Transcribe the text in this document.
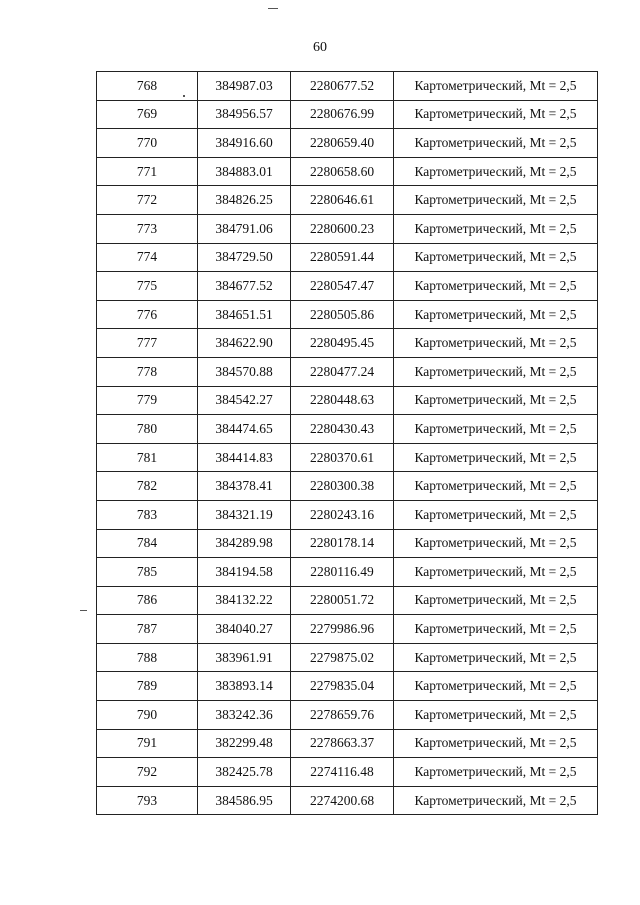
60
768	384987.03	2280677.52	Картометрический, Mt = 2,5
769	384956.57	2280676.99	Картометрический, Mt = 2,5
770	384916.60	2280659.40	Картометрический, Mt = 2,5
771	384883.01	2280658.60	Картометрический, Mt = 2,5
772	384826.25	2280646.61	Картометрический, Mt = 2,5
773	384791.06	2280600.23	Картометрический, Mt = 2,5
774	384729.50	2280591.44	Картометрический, Mt = 2,5
775	384677.52	2280547.47	Картометрический, Mt = 2,5
776	384651.51	2280505.86	Картометрический, Mt = 2,5
777	384622.90	2280495.45	Картометрический, Mt = 2,5
778	384570.88	2280477.24	Картометрический, Mt = 2,5
779	384542.27	2280448.63	Картометрический, Mt = 2,5
780	384474.65	2280430.43	Картометрический, Mt = 2,5
781	384414.83	2280370.61	Картометрический, Mt = 2,5
782	384378.41	2280300.38	Картометрический, Mt = 2,5
783	384321.19	2280243.16	Картометрический, Mt = 2,5
784	384289.98	2280178.14	Картометрический, Mt = 2,5
785	384194.58	2280116.49	Картометрический, Mt = 2,5
786	384132.22	2280051.72	Картометрический, Mt = 2,5
787	384040.27	2279986.96	Картометрический, Mt = 2,5
788	383961.91	2279875.02	Картометрический, Mt = 2,5
789	383893.14	2279835.04	Картометрический, Mt = 2,5
790	383242.36	2278659.76	Картометрический, Mt = 2,5
791	382299.48	2278663.37	Картометрический, Mt = 2,5
792	382425.78	2274116.48	Картометрический, Mt = 2,5
793	384586.95	2274200.68	Картометрический, Mt = 2,5
